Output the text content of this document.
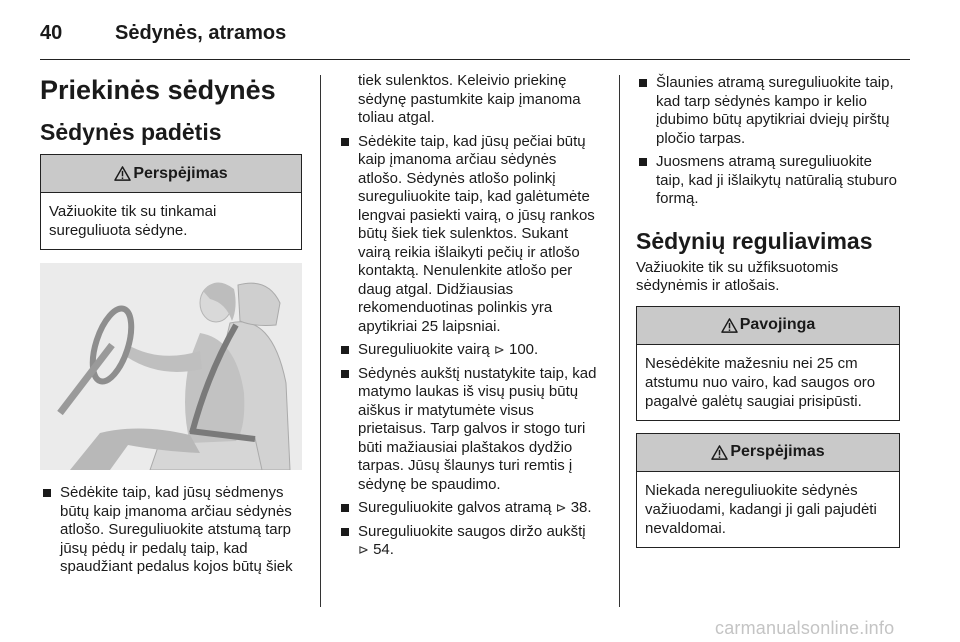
40	Sėdynės, atramos
Priekinės sėdynės
Sėdynės padėtis
Perspėjimas
Važiuokite tik su tinkamai sureguliuota sėdyne.
Sėdėkite taip, kad jūsų sėdmenys būtų kaip įmanoma arčiau sėdynės atlošo. Sureguliuokite atstumą tarp jūsų pėdų ir pedalų taip, kad spaudžiant pedalus kojos būtų šiek
tiek sulenktos. Keleivio priekinę sėdynę pastumkite kaip įmanoma toliau atgal.
Sėdėkite taip, kad jūsų pečiai būtų kaip įmanoma arčiau sėdynės atlošo. Sėdynės atlošo polinkį sureguliuokite taip, kad galėtumėte lengvai pasiekti vairą, o jūsų rankos būtų šiek tiek sulenktos. Sukant vairą reikia išlaikyti pečių ir atlošo kontaktą. Nenulenkite atlošo per daug atgal. Didžiausias rekomenduotinas polinkis yra apytikriai 25 laipsniai.
Sureguliuokite vairą ⊳ 100.
Sėdynės aukštį nustatykite taip, kad matymo laukas iš visų pusių būtų aiškus ir matytumėte visus prietaisus. Tarp galvos ir stogo turi būti mažiausiai plaštakos dydžio tarpas. Jūsų šlaunys turi remtis į sėdynę be spaudimo.
Sureguliuokite galvos atramą ⊳ 38.
Sureguliuokite saugos diržo aukštį
⊳ 54.
Šlaunies atramą sureguliuokite taip, kad tarp sėdynės kampo ir kelio įdubimo būtų apytikriai dviejų pirštų pločio tarpas.
Juosmens atramą sureguliuokite taip, kad ji išlaikytų natūralią stuburo formą.
Sėdynių reguliavimas

Važiuokite tik su užfiksuotomis sėdynėmis ir atlošais.

Pavojinga
Nesėdėkite mažesniu nei 25 cm atstumu nuo vairo, kad saugos oro pagalvė galėtų saugiai prisipūsti.
Perspėjimas
Niekada nereguliuokite sėdynės važiuodami, kadangi ji gali pajudėti nevaldomai.
carmanualsonline.info
